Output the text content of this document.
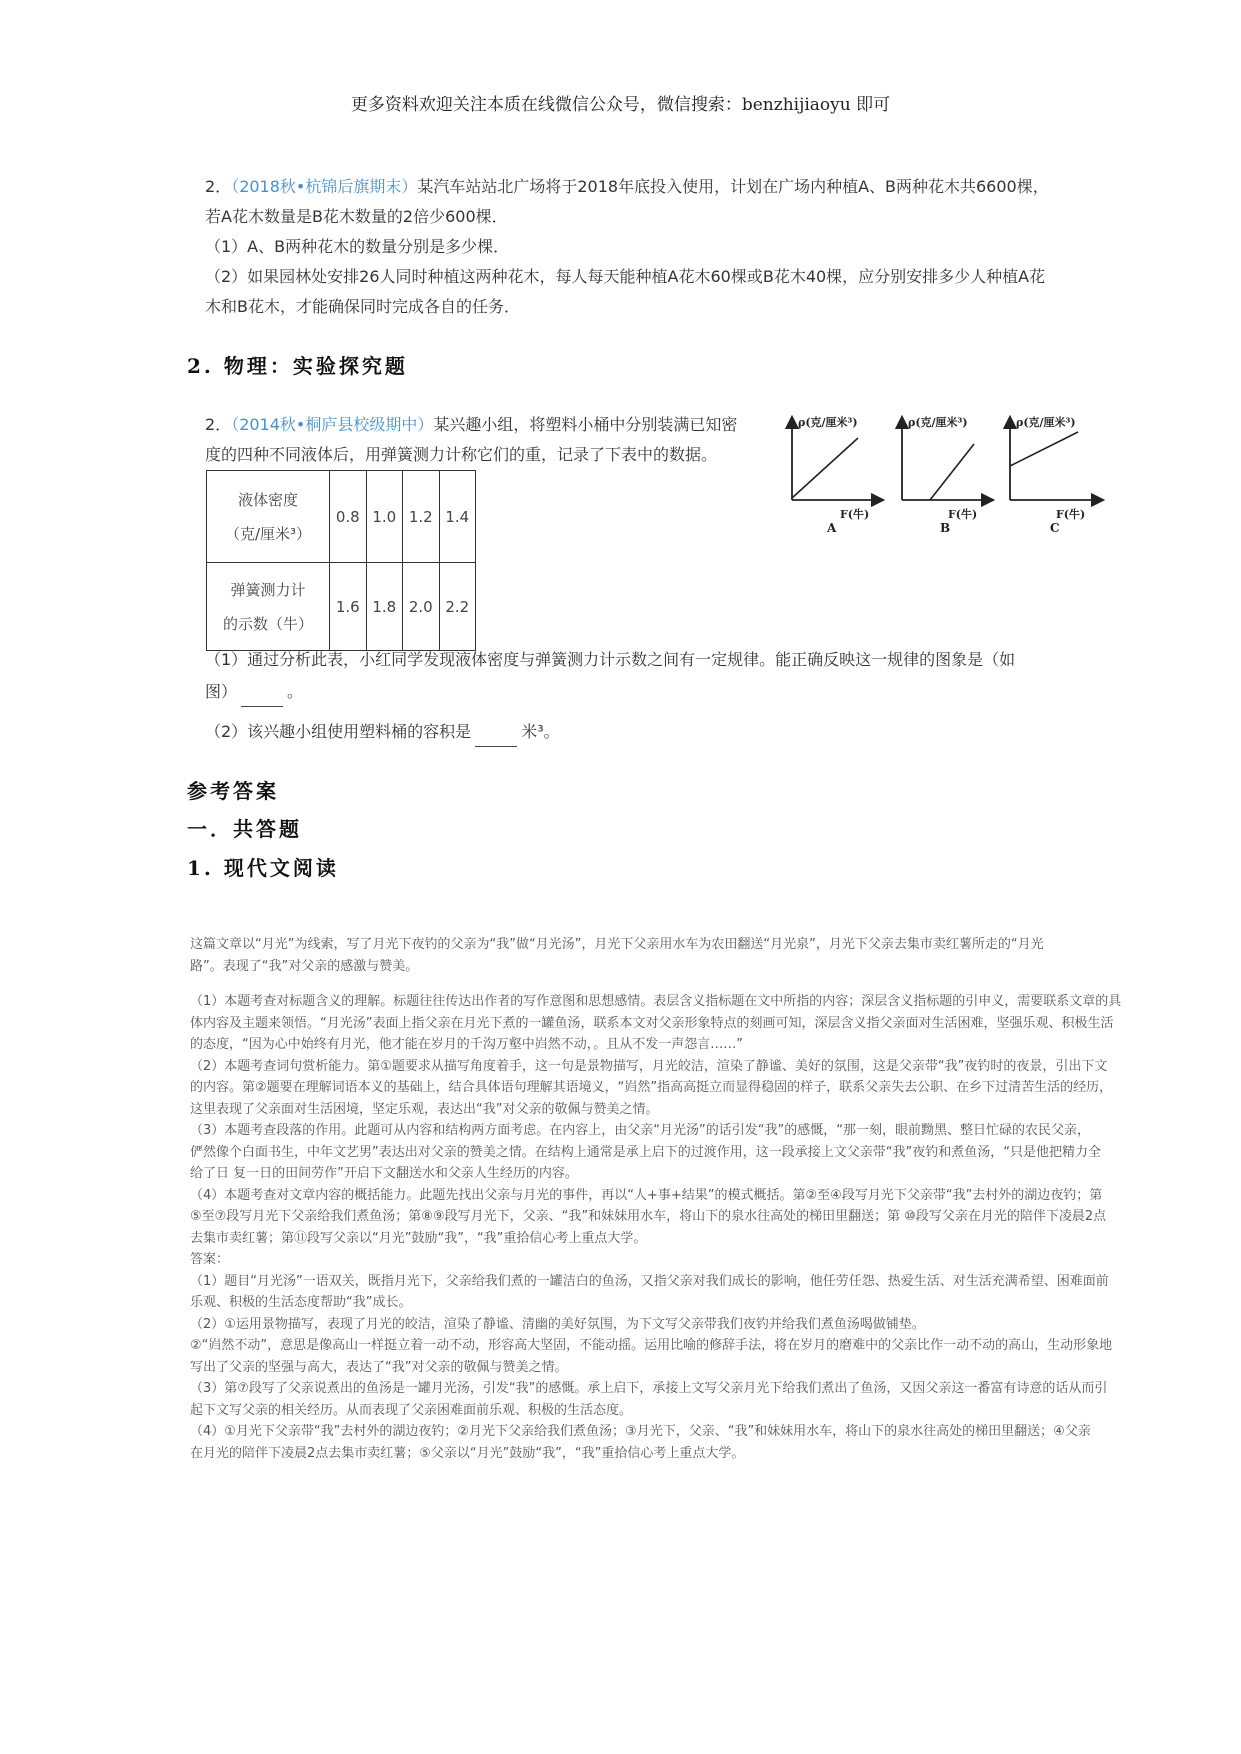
更多资料欢迎关注本质在线微信公众号，微信搜索：benzhijiaoyu 即可
2．（2018秋•杭锦后旗期末）某汽车站站北广场将于2018年底投入使用，计划在广场内种植A、B两种花木共6600棵，
若A花木数量是B花木数量的2倍少600棵．
（1）A、B两种花木的数量分别是多少棵．
（2）如果园林处安排26人同时种植这两种花木，每人每天能种植A花木60棵或B花木40棵，应分别安排多少人种植A花
木和B花木，才能确保同时完成各自的任务．
2. 物理：实验探究题
2．（2014秋•桐庐县校级期中）某兴趣小组，将塑料小桶中分别装满已知密
度的四种不同液体后，用弹簧测力计称它们的重，记录了下表中的数据。
液体密度
（克/厘米³）	0.8	1.0	1.2	1.4

弹簧测力计
的示数（牛）	1.6	1.8	2.0	2.2
ρ(克/厘米³)
F(牛)
A
ρ(克/厘米³)
F(牛)
B
ρ(克/厘米³)
F(牛)
C
（1）通过分析此表，小红同学发现液体密度与弹簧测力计示数之间有一定规律。能正确反映这一规律的图象是（如
图）	。
（2）该兴趣小组使用塑料桶的容积是	米³。
参考答案
一．共答题
1. 现代文阅读

这篇文章以“月光”为线索，写了月光下夜钓的父亲为“我”做“月光汤”，月光下父亲用水车为农田翻送“月光泉”，月光下父亲去集市卖红薯所走的“月光

路”。表现了“我”对父亲的感激与赞美。

（1）本题考查对标题含义的理解。标题往往传达出作者的写作意图和思想感情。表层含义指标题在文中所指的内容；深层含义指标题的引申义，需要联系文章的具

体内容及主题来领悟。“月光汤”表面上指父亲在月光下煮的一罐鱼汤，联系本文对父亲形象特点的刻画可知，深层含义指父亲面对生活困难，坚强乐观、积极生活

的态度，“因为心中始终有月光，他才能在岁月的千沟万壑中岿然不动，。且从不发一声怨言……”

（2）本题考查词句赏析能力。第①题要求从描写角度着手，这一句是景物描写，月光皎洁，渲染了静谧、美好的氛围，这是父亲带“我”夜钓时的夜景，引出下文

的内容。第②题要在理解词语本义的基础上，结合具体语句理解其语境义，“岿然”指高高挺立而显得稳固的样子，联系父亲失去公职、在乡下过清苦生活的经历，

这里表现了父亲面对生活困境，坚定乐观，表达出“我”对父亲的敬佩与赞美之情。

（3）本题考查段落的作用。此题可从内容和结构两方面考虑。在内容上，由父亲“月光汤”的话引发“我”的感慨，“那一刻，眼前黝黑、整日忙碌的农民父亲，

俨然像个白面书生，中年文艺男”表达出对父亲的赞美之情。在结构上通常是承上启下的过渡作用，这一段承接上文父亲带“我”夜钓和煮鱼汤，“只是他把精力全

给了日 复一日的田间劳作”开启下文翻送水和父亲人生经历的内容。

（4）本题考查对文章内容的概括能力。此题先找出父亲与月光的事件，再以“人+事+结果”的模式概括。第②至④段写月光下父亲带“我”去村外的湖边夜钓；第

⑤至⑦段写月光下父亲给我们煮鱼汤；第⑧⑨段写月光下，父亲、“我”和妹妹用水车，将山下的泉水往高处的梯田里翻送；第 ⑩段写父亲在月光的陪伴下凌晨2点

去集市卖红薯；第⑪段写父亲以“月光”鼓励“我”，“我”重拾信心考上重点大学。

答案：

（1）题目“月光汤”一语双关，既指月光下，父亲给我们煮的一罐洁白的鱼汤，又指父亲对我们成长的影响，他任劳任怨、热爱生活、对生活充满希望、困难面前

乐观、积极的生活态度帮助“我”成长。

（2）①运用景物描写，表现了月光的皎洁，渲染了静谧、清幽的美好氛围，为下文写父亲带我们夜钓并给我们煮鱼汤喝做铺垫。

②“岿然不动”，意思是像高山一样挺立着一动不动，形容高大坚固，不能动摇。运用比喻的修辞手法，将在岁月的磨难中的父亲比作一动不动的高山，生动形象地

写出了父亲的坚强与高大，表达了“我”对父亲的敬佩与赞美之情。

（3）第⑦段写了父亲说煮出的鱼汤是一罐月光汤，引发“我”的感慨。承上启下，承接上文写父亲月光下给我们煮出了鱼汤，又因父亲这一番富有诗意的话从而引

起下文写父亲的相关经历。从而表现了父亲困难面前乐观、积极的生活态度。

（4）①月光下父亲带“我”去村外的湖边夜钓；②月光下父亲给我们煮鱼汤；③月光下，父亲、“我”和妹妹用水车，将山下的泉水往高处的梯田里翻送；④父亲

在月光的陪伴下凌晨2点去集市卖红薯；⑤父亲以“月光”鼓励“我”，“我”重拾信心考上重点大学。
